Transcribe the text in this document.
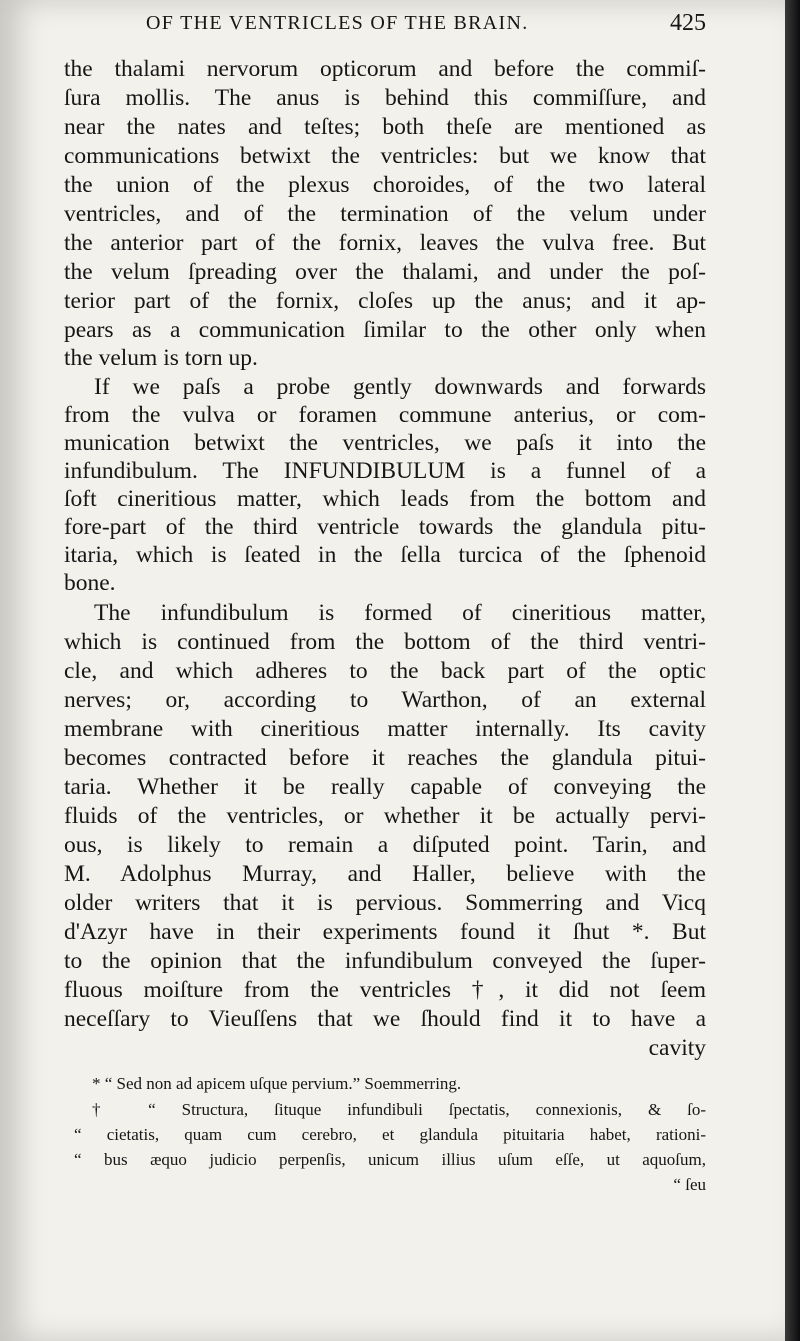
OF THE VENTRICLES OF THE BRAIN.	425
the thalami nervorum opticorum and before the commiſ-
ſura mollis. The anus is behind this commiſſure, and
near the nates and teſtes; both theſe are mentioned as
communications betwixt the ventricles: but we know that
the union of the plexus choroides, of the two lateral
ventricles, and of the termination of the velum under
the anterior part of the fornix, leaves the vulva free. But
the velum ſpreading over the thalami, and under the poſ-
terior part of the fornix, cloſes up the anus; and it ap-
pears as a communication ſimilar to the other only when
the velum is torn up.
If we paſs a probe gently downwards and forwards
from the vulva or foramen commune anterius, or com-
munication betwixt the ventricles, we paſs it into the
infundibulum. The INFUNDIBULUM is a funnel of a
ſoft cineritious matter, which leads from the bottom and
fore-part of the third ventricle towards the glandula pitu-
itaria, which is ſeated in the ſella turcica of the ſphenoid
bone.
The infundibulum is formed of cineritious matter,
which is continued from the bottom of the third ventri-
cle, and which adheres to the back part of the optic
nerves; or, according to Warthon, of an external
membrane with cineritious matter internally. Its cavity
becomes contracted before it reaches the glandula pitui-
taria. Whether it be really capable of conveying the
fluids of the ventricles, or whether it be actually pervi-
ous, is likely to remain a diſputed point. Tarin, and
M. Adolphus Murray, and Haller, believe with the
older writers that it is pervious. Sommerring and Vicq
d'Azyr have in their experiments found it ſhut *. But
to the opinion that the infundibulum conveyed the ſuper-
fluous moiſture from the ventricles †, it did not ſeem
neceſſary to Vieuſſens that we ſhould find it to have a
cavity
* “ Sed non ad apicem uſque pervium.” Soemmerring.
† “ Structura, ſituque infundibuli ſpectatis, connexionis, & ſo-
“ cietatis, quam cum cerebro, et glandula pituitaria habet, rationi-
“ bus æquo judicio perpenſis, unicum illius uſum eſſe, ut aquoſum,
“ ſeu
